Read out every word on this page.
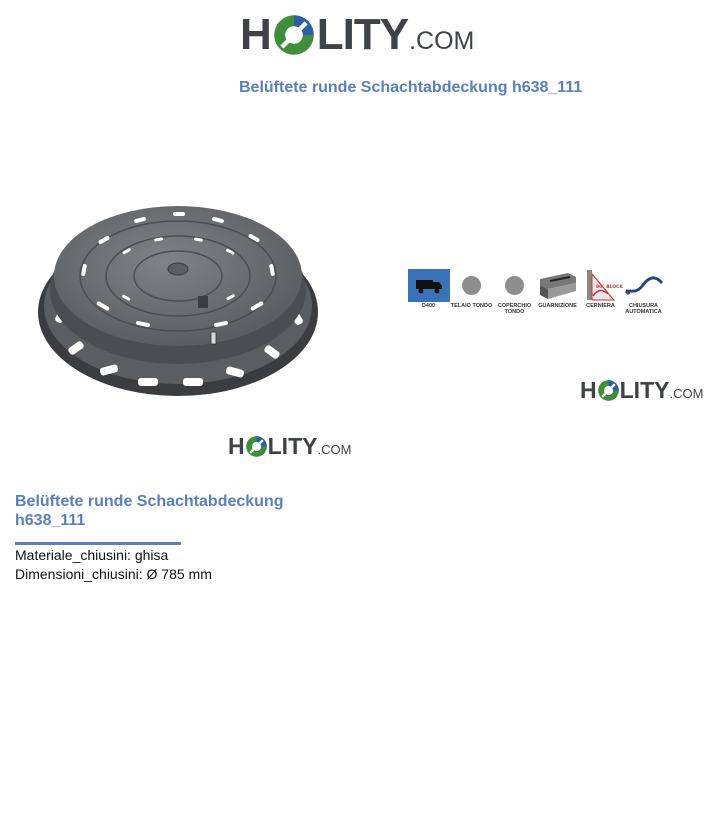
H LITY .COM
Belüftete runde Schachtabdeckung h638_111
D400	TELAIO TONDO	COPERCHIO TONDO
GUARNIZIONE
90° BLOCK
CERNIERA	CHIUSURA AUTOMATICA
H LITY .COM
H LITY .COM
Belüftete runde Schachtabdeckung h638_111
Materiale_chiusini: ghisa
Dimensioni_chiusini: Ø 785 mm
